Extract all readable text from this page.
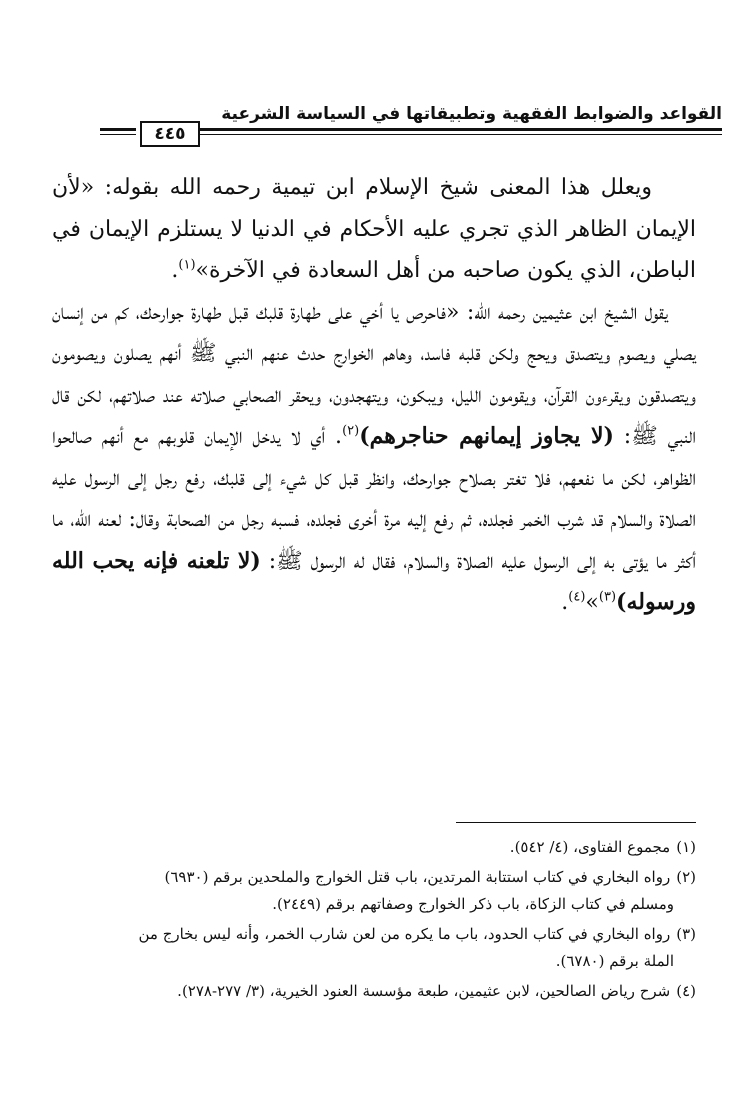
القواعد والضوابط الفقهية وتطبيقاتها في السياسة الشرعية
٤٤٥

ويعلل هذا المعنى شيخ الإسلام ابن تيمية رحمه الله بقوله: «لأن الإيمان الظاهر الذي تجري عليه الأحكام في الدنيا لا يستلزم الإيمان في الباطن، الذي يكون صاحبه من أهل السعادة في الآخرة»$^{(١)}$.

يقول الشيخ ابن عثيمين رحمه الله: «فاحرص يا أخي على طهارة قلبك قبل طهارة جوارحك، كم من إنسان يصلي ويصوم ويتصدق ويحج ولكن قلبه فاسد، وهاهم الخوارج حدث عنهم النبي ﷺ أنهم يصلون ويصومون ويتصدقون ويقرءون القرآن، ويقومون الليل، ويبكون، ويتهجدون، ويحقر الصحابي صلاته عند صلاتهم، لكن قال النبي ﷺ: (لا يجاوز إيمانهم حناجرهم)$^{(٢)}$. أي لا يدخل الإيمان قلوبهم مع أنهم صالحوا الظواهر، لكن ما نفعهم، فلا تغتر بصلاح جوارحك، وانظر قبل كل شيء إلى قلبك، رفع رجل إلى الرسول عليه الصلاة والسلام قد شرب الخمر فجلده، ثم رفع إليه مرة أخرى فجلده، فسبه رجل من الصحابة وقال: لعنه الله، ما أكثر ما يؤتى به إلى الرسول عليه الصلاة والسلام، فقال له الرسول ﷺ: (لا تلعنه فإنه يحب الله ورسوله)$^{(٣)}$»$^{(٤)}$.

(١)مجموع الفتاوى، (٤/ ٥٤٢).

(٢)رواه البخاري في كتاب استتابة المرتدين، باب قتل الخوارج والملحدين برقم (٦٩٣٠)
ومسلم في كتاب الزكاة، باب ذكر الخوارج وصفاتهم برقم (٢٤٤٩).

(٣)رواه البخاري في كتاب الحدود، باب ما يكره من لعن شارب الخمر، وأنه ليس بخارج من
الملة برقم (٦٧٨٠).

(٤)شرح رياض الصالحين، لابن عثيمين، طبعة مؤسسة العنود الخيرية، (٣/ ٢٧٧-٢٧٨).
